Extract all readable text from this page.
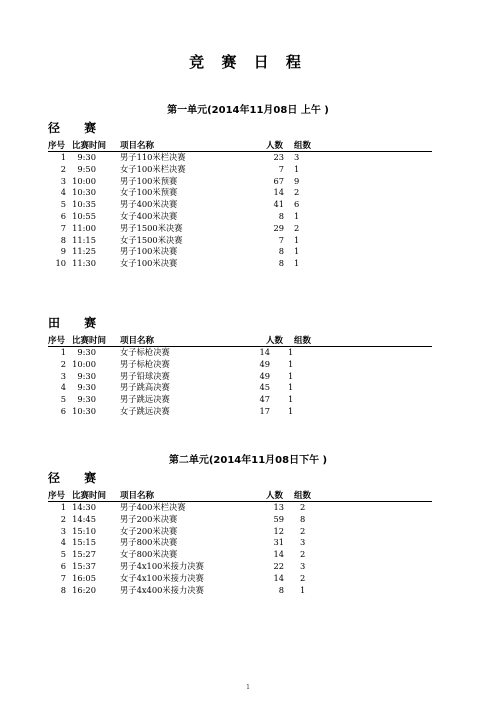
竞 赛 日 程
第一单元(2014年11月08日 上午 )
径 赛
序号 比赛时间 项目名称	人数 组数
1	9:30	男子110米栏决赛	23 3
2	9:50	女子100米栏决赛	7 1
3 10:00	男子100米预赛	67 9
4 10:30	女子100米预赛	14 2
5 10:35	男子400米决赛	41 6
6 10:55	女子400米决赛	8 1
7 11:00	男子1500米决赛	29 2
8 11:15	女子1500米决赛	7 1
9 11:25	男子100米决赛	8 1
10 11:30	女子100米决赛	8 1
田 赛
序号 比赛时间 项目名称	人数 组数
1	9:30	女子标枪决赛	14 1
2 10:00	男子标枪决赛	49 1
3	9:30	男子铅球决赛	49 1
4	9:30	男子跳高决赛	45 1
5	9:30	男子跳远决赛	47 1
6 10:30	女子跳远决赛	17 1
第二单元(2014年11月08日下午 )
径 赛
序号 比赛时间 项目名称	人数 组数
1 14:30	男子400米栏决赛	13 2
2 14:45	男子200米决赛	59 8
3 15:10	女子200米决赛	12 2
4 15:15	男子800米决赛	31 3
5 15:27	女子800米决赛	14 2
6 15:37	男子4x100米接力决赛	22 3
7 16:05	女子4x100米接力决赛	14 2
8 16:20	男子4x400米接力决赛	8 1
1
